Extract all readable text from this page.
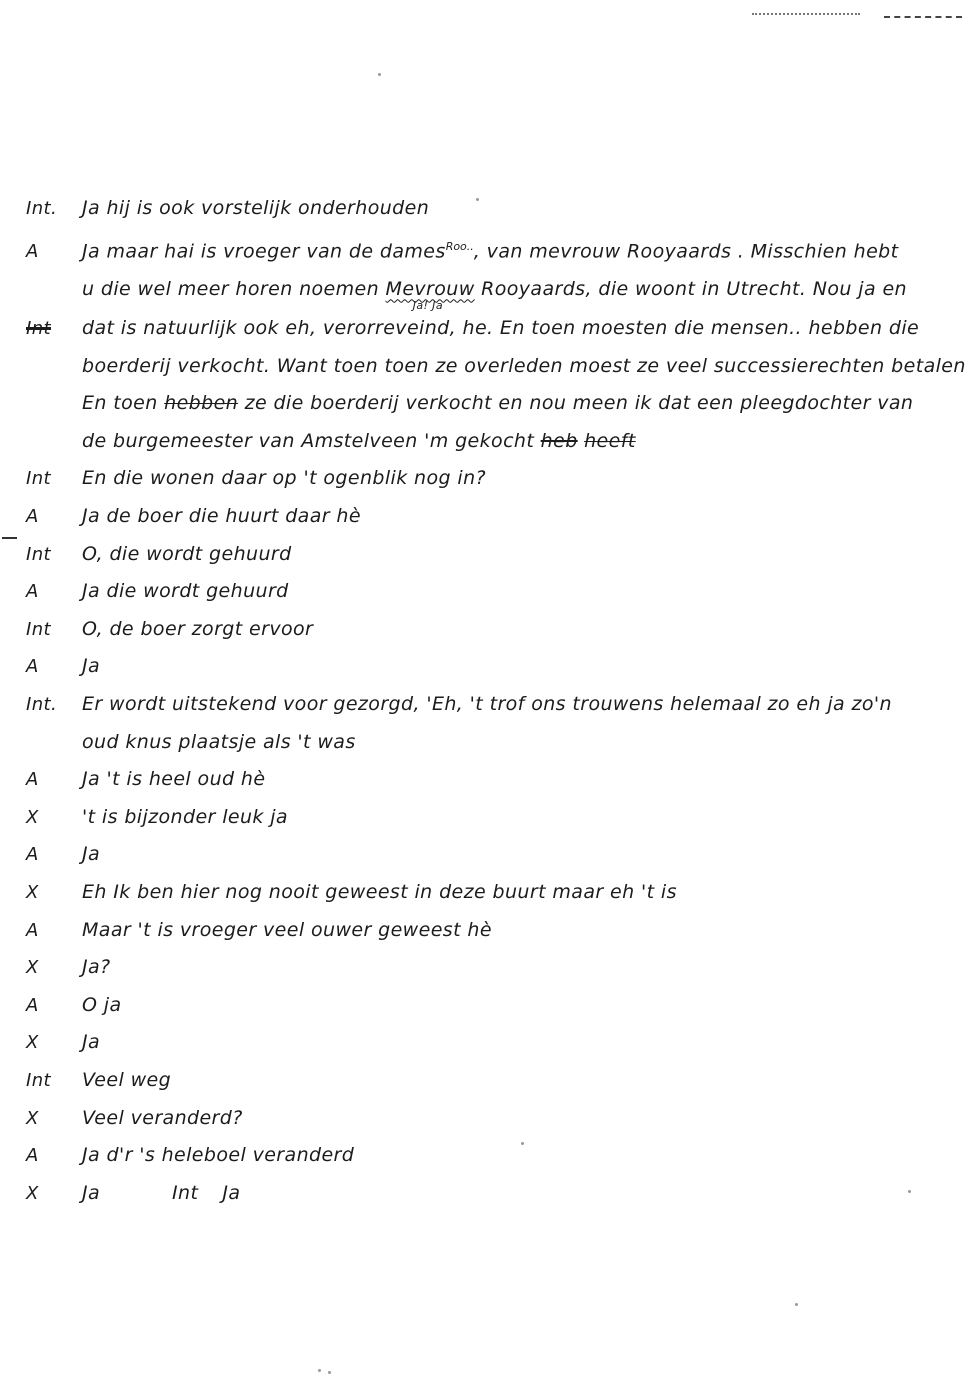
Int.	Ja hij is ook vorstelijk onderhouden
A	Ja maar hai is vroeger van de dames$^{Roo..}$, van mevrouw Rooyaards . Misschien hebt
u die wel meer horen noemen MevrouwJa! Ja Rooyaards, die woont in Utrecht. Nou ja en
Int	dat is natuurlijk ook eh, verorreveind, he. En toen moesten die mensen.. hebben die
boerderij verkocht. Want toen toen ze overleden moest ze veel successierechten betalen
En toen hebben ze die boerderij verkocht en nou meen ik dat een pleegdochter van
de burgemeester van Amstelveen 'm gekocht heb heeft
Int	En die wonen daar op 't ogenblik nog in?
A	Ja de boer die huurt daar hè
Int	O, die wordt gehuurd
A	Ja die wordt gehuurd
Int	O, de boer zorgt ervoor
A	Ja
Int.	Er wordt uitstekend voor gezorgd, 'Eh, 't trof ons trouwens helemaal zo eh ja zo'n
oud knus plaatsje als 't was
A	Ja 't is heel oud hè
X	't is bijzonder leuk ja
A	Ja
X	Eh Ik ben hier nog nooit geweest in deze buurt maar eh 't is
A	Maar 't is vroeger veel ouwer geweest hè
X	Ja?
A	O ja
X	Ja
Int	Veel weg
X	Veel veranderd?
A	Ja d'r 's heleboel veranderd
X	Ja	Int Ja
